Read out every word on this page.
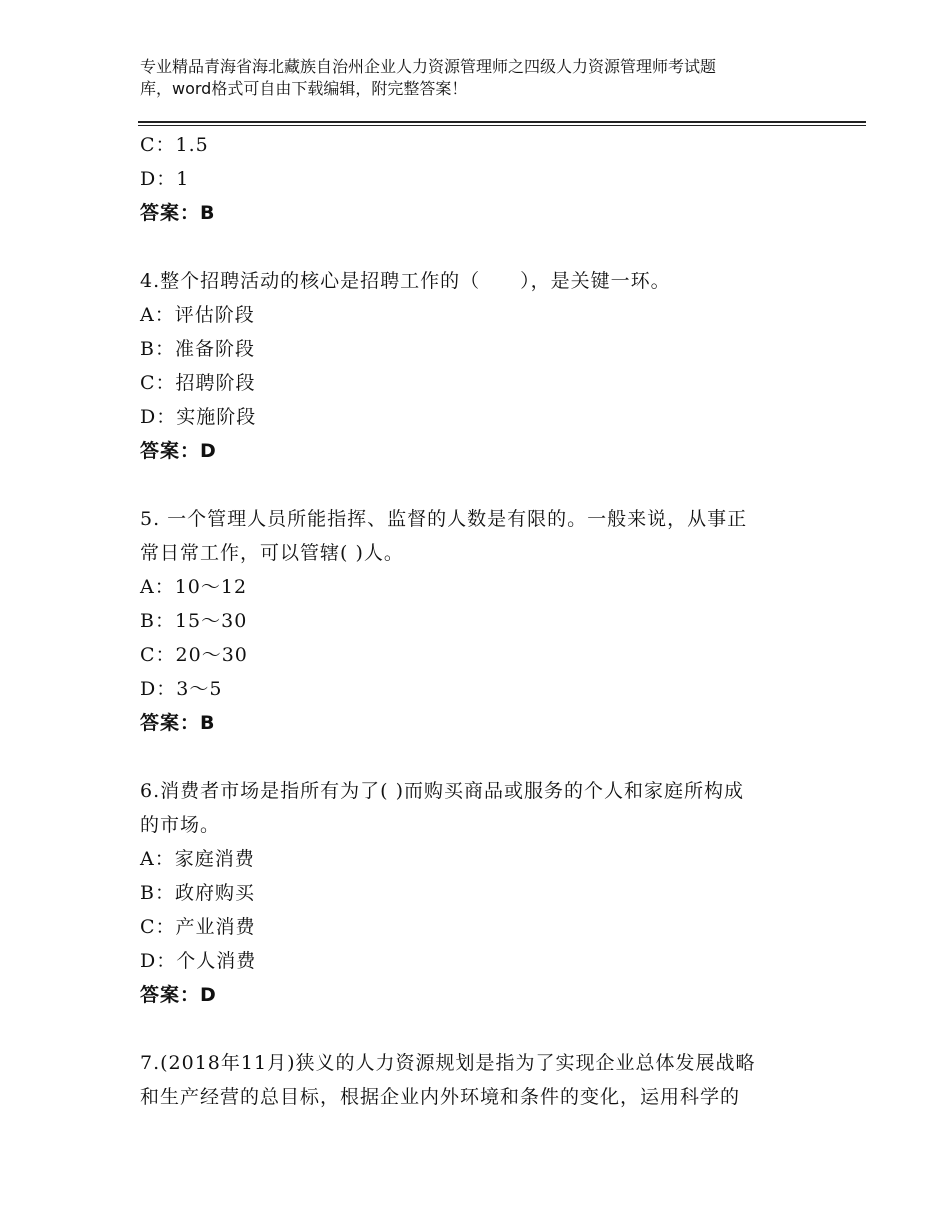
专业精品青海省海北藏族自治州企业人力资源管理师之四级人力资源管理师考试题
库，word格式可自由下载编辑，附完整答案！
C：1.5
D：1
答案：B
4.整个招聘活动的核心是招聘工作的（　　），是关键一环。
A：评估阶段
B：准备阶段
C：招聘阶段
D：实施阶段
答案：D
5. 一个管理人员所能指挥、监督的人数是有限的。一般来说，从事正
常日常工作，可以管辖( )人。
A：10～12
B：15～30
C：20～30
D：3～5
答案：B
6.消费者市场是指所有为了( )而购买商品或服务的个人和家庭所构成
的市场。
A：家庭消费
B：政府购买
C：产业消费
D：个人消费
答案：D
7.(2018年11月)狭义的人力资源规划是指为了实现企业总体发展战略
和生产经营的总目标，根据企业内外环境和条件的变化，运用科学的
